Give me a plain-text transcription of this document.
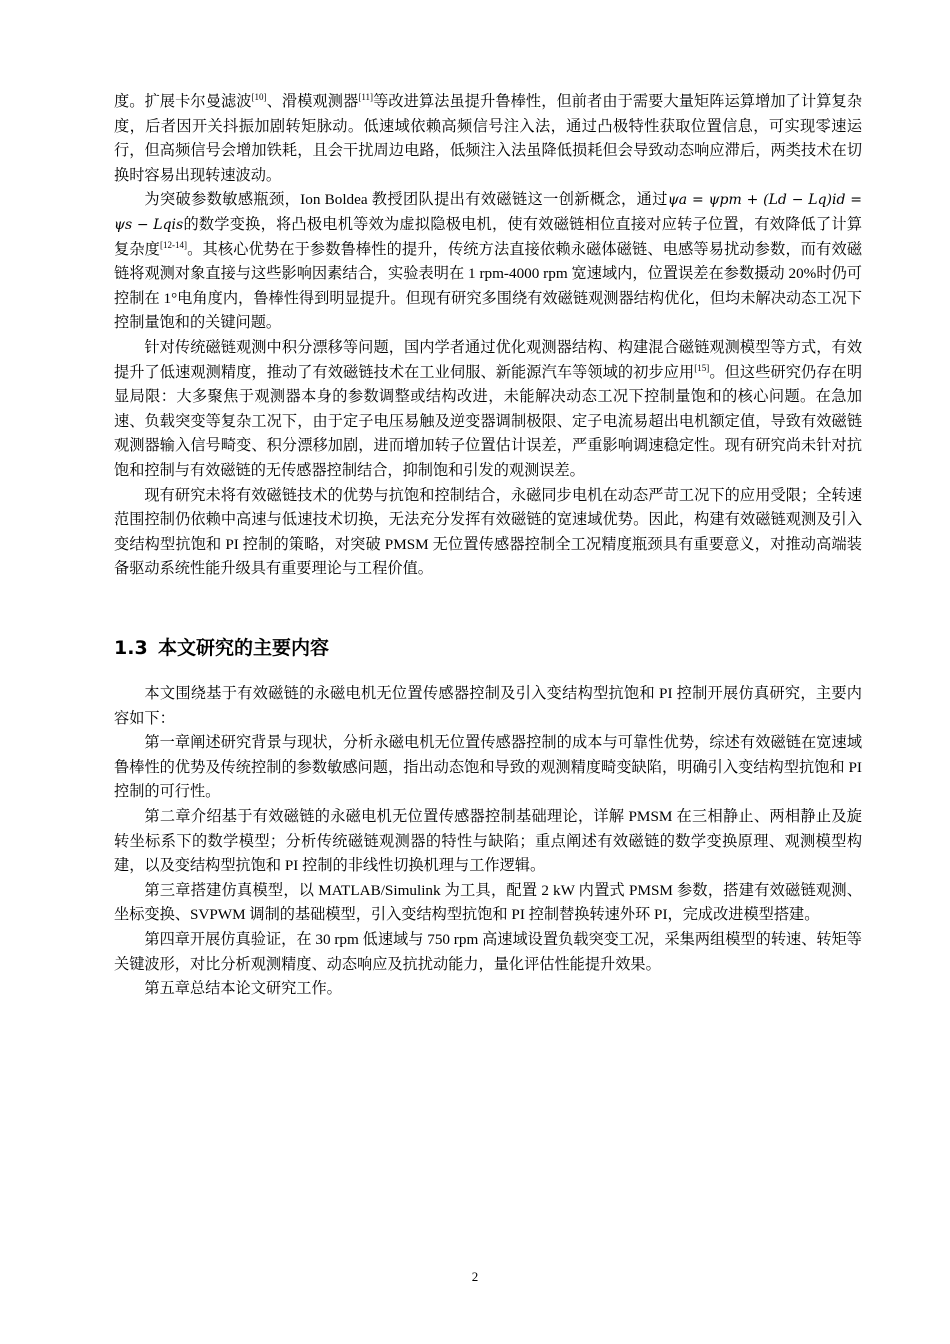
度。扩展卡尔曼滤波[10]、滑模观测器[11]等改进算法虽提升鲁棒性，但前者由于需要大量矩阵运算增加了计算复杂度，后者因开关抖振加剧转矩脉动。低速域依赖高频信号注入法，通过凸极特性获取位置信息，可实现零速运行，但高频信号会增加铁耗，且会干扰周边电路，低频注入法虽降低损耗但会导致动态响应滞后，两类技术在切换时容易出现转速波动。

为突破参数敏感瓶颈，Ion Boldea 教授团队提出有效磁链这一创新概念，通过ψa = ψpm + (Ld − Lq)id = ψs − Lqis的数学变换，将凸极电机等效为虚拟隐极电机，使有效磁链相位直接对应转子位置，有效降低了计算复杂度[12-14]。其核心优势在于参数鲁棒性的提升，传统方法直接依赖永磁体磁链、电感等易扰动参数，而有效磁链将观测对象直接与这些影响因素结合，实验表明在 1 rpm-4000 rpm 宽速域内，位置误差在参数摄动 20%时仍可控制在 1°电角度内，鲁棒性得到明显提升。但现有研究多围绕有效磁链观测器结构优化，但均未解决动态工况下控制量饱和的关键问题。

针对传统磁链观测中积分漂移等问题，国内学者通过优化观测器结构、构建混合磁链观测模型等方式，有效提升了低速观测精度，推动了有效磁链技术在工业伺服、新能源汽车等领域的初步应用[15]。但这些研究仍存在明显局限：大多聚焦于观测器本身的参数调整或结构改进，未能解决动态工况下控制量饱和的核心问题。在急加速、负载突变等复杂工况下，由于定子电压易触及逆变器调制极限、定子电流易超出电机额定值，导致有效磁链观测器输入信号畸变、积分漂移加剧，进而增加转子位置估计误差，严重影响调速稳定性。现有研究尚未针对抗饱和控制与有效磁链的无传感器控制结合，抑制饱和引发的观测误差。

现有研究未将有效磁链技术的优势与抗饱和控制结合，永磁同步电机在动态严苛工况下的应用受限；全转速范围控制仍依赖中高速与低速技术切换，无法充分发挥有效磁链的宽速域优势。因此，构建有效磁链观测及引入变结构型抗饱和 PI 控制的策略，对突破 PMSM 无位置传感器控制全工况精度瓶颈具有重要意义，对推动高端装备驱动系统性能升级具有重要理论与工程价值。

1.3 本文研究的主要内容

本文围绕基于有效磁链的永磁电机无位置传感器控制及引入变结构型抗饱和 PI 控制开展仿真研究，主要内容如下：

第一章阐述研究背景与现状，分析永磁电机无位置传感器控制的成本与可靠性优势，综述有效磁链在宽速域鲁棒性的优势及传统控制的参数敏感问题，指出动态饱和导致的观测精度畸变缺陷，明确引入变结构型抗饱和 PI 控制的可行性。

第二章介绍基于有效磁链的永磁电机无位置传感器控制基础理论，详解 PMSM 在三相静止、两相静止及旋转坐标系下的数学模型；分析传统磁链观测器的特性与缺陷；重点阐述有效磁链的数学变换原理、观测模型构建，以及变结构型抗饱和 PI 控制的非线性切换机理与工作逻辑。

第三章搭建仿真模型，以 MATLAB/Simulink 为工具，配置 2 kW 内置式 PMSM 参数，搭建有效磁链观测、坐标变换、SVPWM 调制的基础模型，引入变结构型抗饱和 PI 控制替换转速外环 PI，完成改进模型搭建。

第四章开展仿真验证，在 30 rpm 低速域与 750 rpm 高速域设置负载突变工况，采集两组模型的转速、转矩等关键波形，对比分析观测精度、动态响应及抗扰动能力，量化评估性能提升效果。

第五章总结本论文研究工作。

2
